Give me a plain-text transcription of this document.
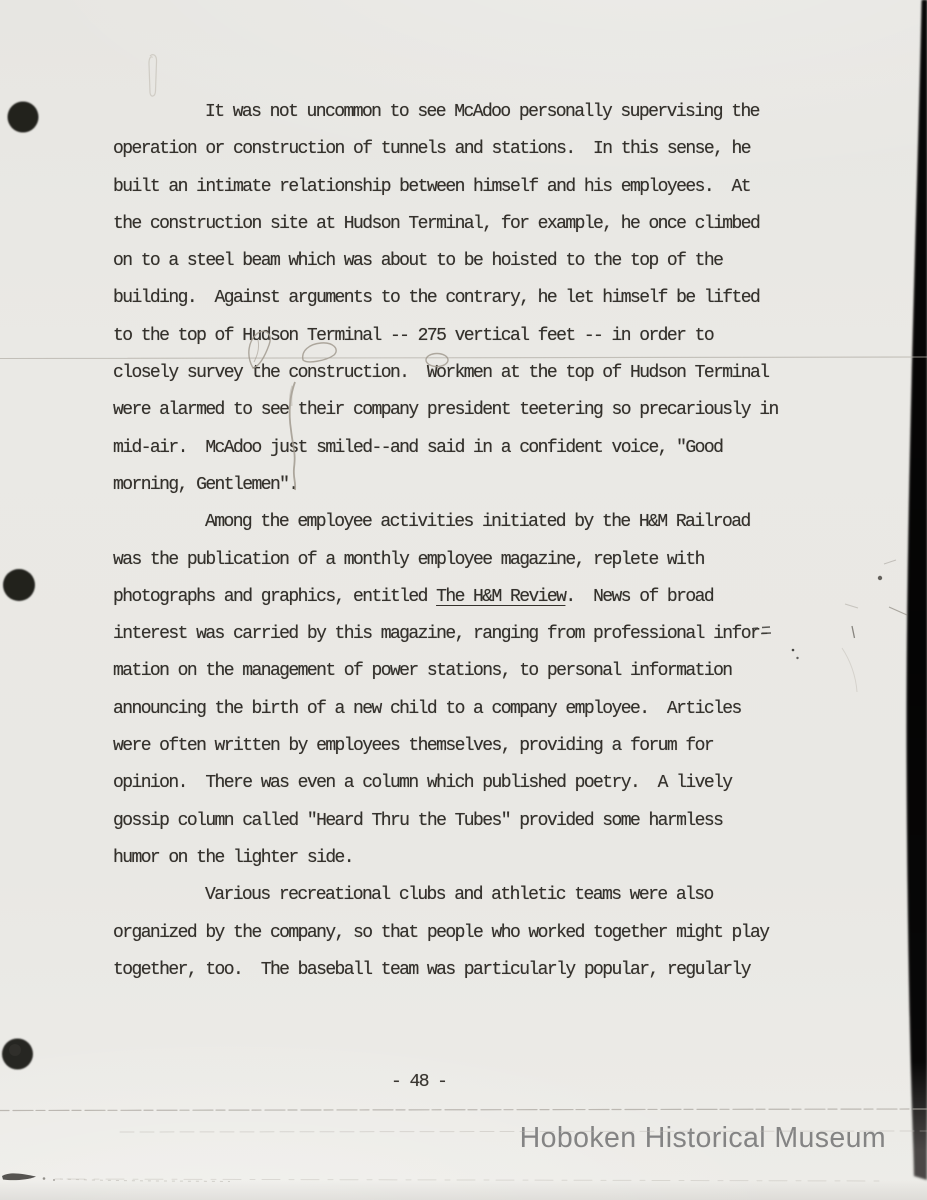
It was not uncommon to see McAdoo personally supervising the
operation or construction of tunnels and stations.  In this sense, he
built an intimate relationship between himself and his employees.  At
the construction site at Hudson Terminal, for example, he once climbed
on to a steel beam which was about to be hoisted to the top of the
building.  Against arguments to the contrary, he let himself be lifted
to the top of Hudson Terminal -- 275 vertical feet -- in order to
closely survey the construction.  Workmen at the top of Hudson Terminal
were alarmed to see their company president teetering so precariously in
mid-air.  McAdoo just smiled--and said in a confident voice, "Good
morning, Gentlemen".
Among the employee activities initiated by the H&M Railroad
was the publication of a monthly employee magazine, replete with
photographs and graphics, entitled The H&M Review.  News of broad
interest was carried by this magazine, ranging from professional infor-
mation on the management of power stations, to personal information
announcing the birth of a new child to a company employee.  Articles
were often written by employees themselves, providing a forum for
opinion.  There was even a column which published poetry.  A lively
gossip column called "Heard Thru the Tubes" provided some harmless
humor on the lighter side.
Various recreational clubs and athletic teams were also
organized by the company, so that people who worked together might play
together, too.  The baseball team was particularly popular, regularly
- 48 -
Hoboken Historical Museum
